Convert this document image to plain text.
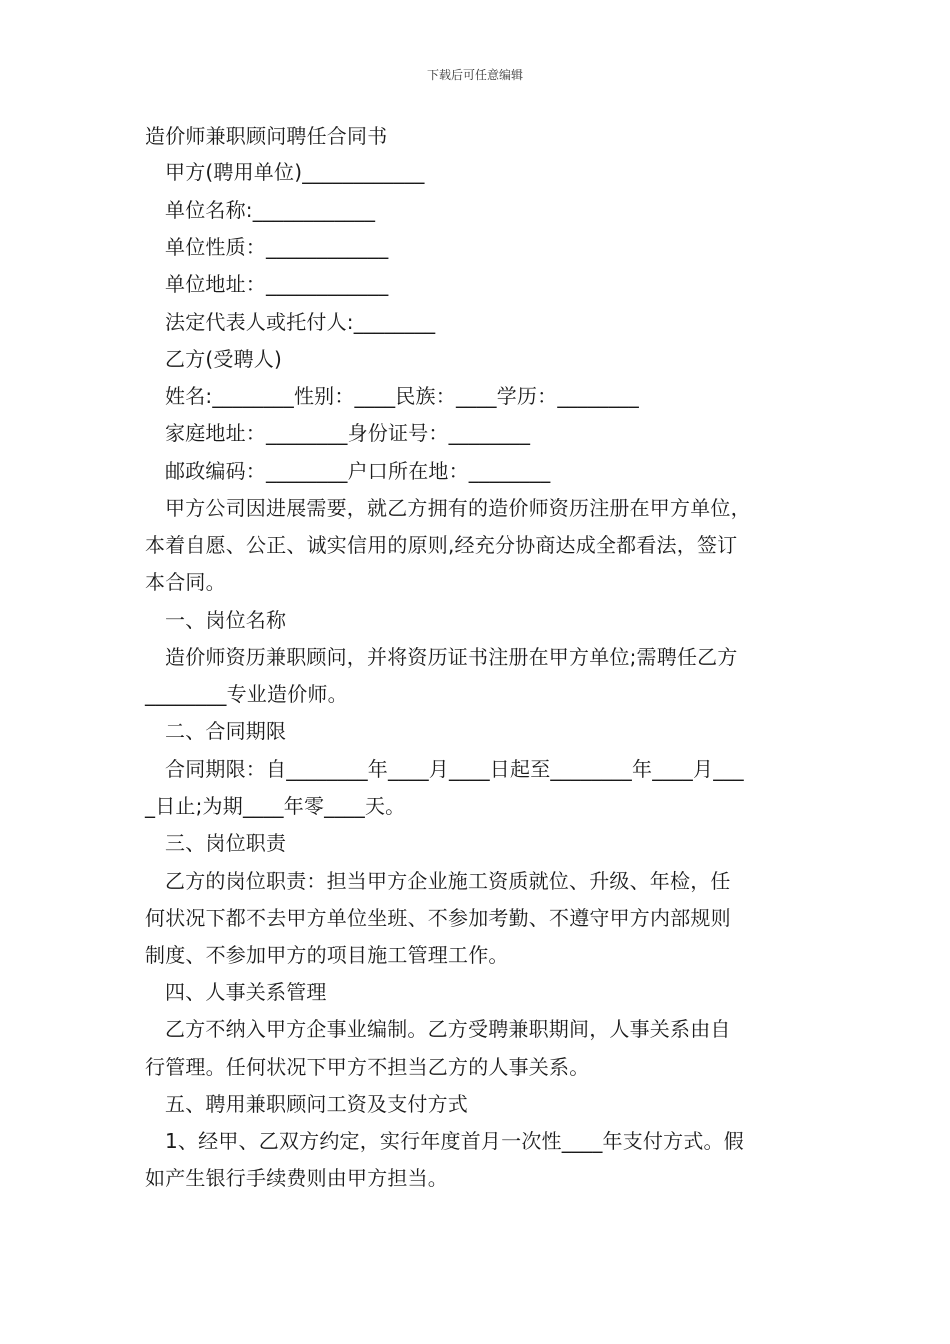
下载后可任意编辑
造价师兼职顾问聘任合同书
甲方(聘用单位)____________
单位名称:____________
单位性质：____________
单位地址：____________
法定代表人或托付人:________
乙方(受聘人)
姓名:________性别：____民族：____学历：________
家庭地址：________身份证号：________
邮政编码：________户口所在地：________
甲方公司因进展需要，就乙方拥有的造价师资历注册在甲方单位，
本着自愿、公正、诚实信用的原则,经充分协商达成全都看法，签订
本合同。
一、岗位名称
造价师资历兼职顾问，并将资历证书注册在甲方单位;需聘任乙方
________专业造价师。
二、合同期限
合同期限：自________年____月____日起至________年____月___
_日止;为期____年零____天。
三、岗位职责
乙方的岗位职责：担当甲方企业施工资质就位、升级、年检，任
何状况下都不去甲方单位坐班、不参加考勤、不遵守甲方内部规则
制度、不参加甲方的项目施工管理工作。
四、人事关系管理
乙方不纳入甲方企事业编制。乙方受聘兼职期间，人事关系由自
行管理。任何状况下甲方不担当乙方的人事关系。
五、聘用兼职顾问工资及支付方式
1、经甲、乙双方约定，实行年度首月一次性____年支付方式。假
如产生银行手续费则由甲方担当。
